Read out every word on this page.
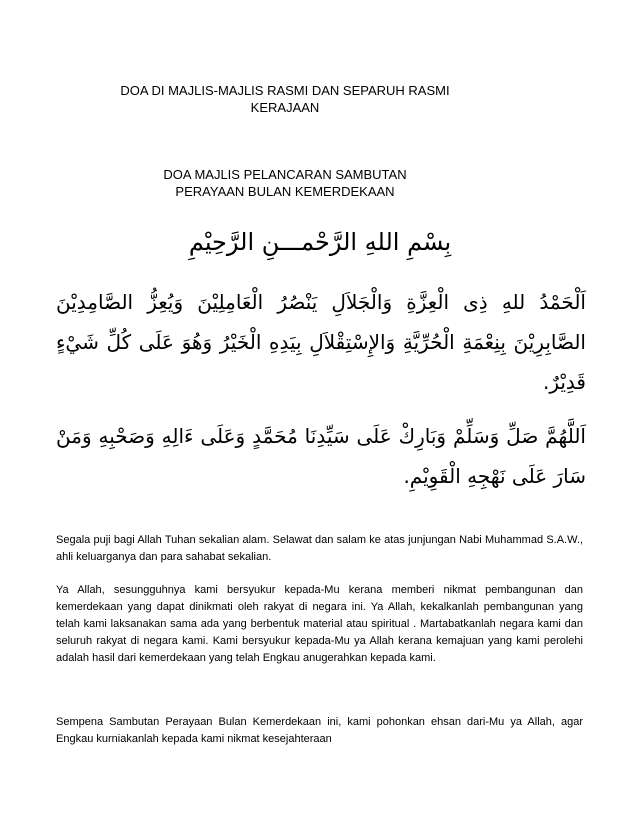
DOA DI MAJLIS-MAJLIS RASMI DAN SEPARUH RASMI
KERAJAAN
DOA MAJLIS PELANCARAN SAMBUTAN
PERAYAAN BULAN KEMERDEKAAN
بِسْمِ اللهِ الرَّحْمـــنِ الرَّحِيْمِ
اَلْحَمْدُ للهِ ذِى الْعِزَّةِ وَالْجَلاَلِ يَنْصُرُ الْعَامِلِيْنَ وَيُعِزُّ الصَّامِدِيْنَ الصَّابِرِيْنَ بِنِعْمَةِ الْحُرِّيَّةِ وَالإِسْتِقْلاَلِ بِيَدِهِ الْخَيْرُ وَهُوَ عَلَى كُلِّ شَيْءٍ قَدِيْرٌ.
اَللَّهُمَّ صَلِّ وَسَلِّمْ وَبَارِكْ عَلَى سَيِّدِنَا مُحَمَّدٍ وَعَلَى ءَالِهِ وَصَحْبِهِ وَمَنْ سَارَ عَلَى نَهْجِهِ الْقَوِيْمِ.
Segala puji bagi Allah Tuhan sekalian alam. Selawat dan salam ke atas junjungan Nabi Muhammad S.A.W., ahli keluarganya dan para sahabat sekalian.
Ya Allah, sesungguhnya kami bersyukur kepada-Mu kerana memberi nikmat pembangunan dan kemerdekaan yang dapat dinikmati oleh rakyat di negara ini. Ya Allah, kekalkanlah pembangunan yang telah kami laksanakan sama ada yang berbentuk material atau spiritual . Martabatkanlah negara kami dan seluruh rakyat di negara kami. Kami bersyukur kepada-Mu ya Allah kerana kemajuan yang kami perolehi adalah hasil dari kemerdekaan yang telah Engkau anugerahkan kepada kami.
Sempena Sambutan Perayaan Bulan Kemerdekaan ini, kami pohonkan ehsan dari-Mu ya Allah, agar Engkau kurniakanlah kepada kami nikmat kesejahteraan
